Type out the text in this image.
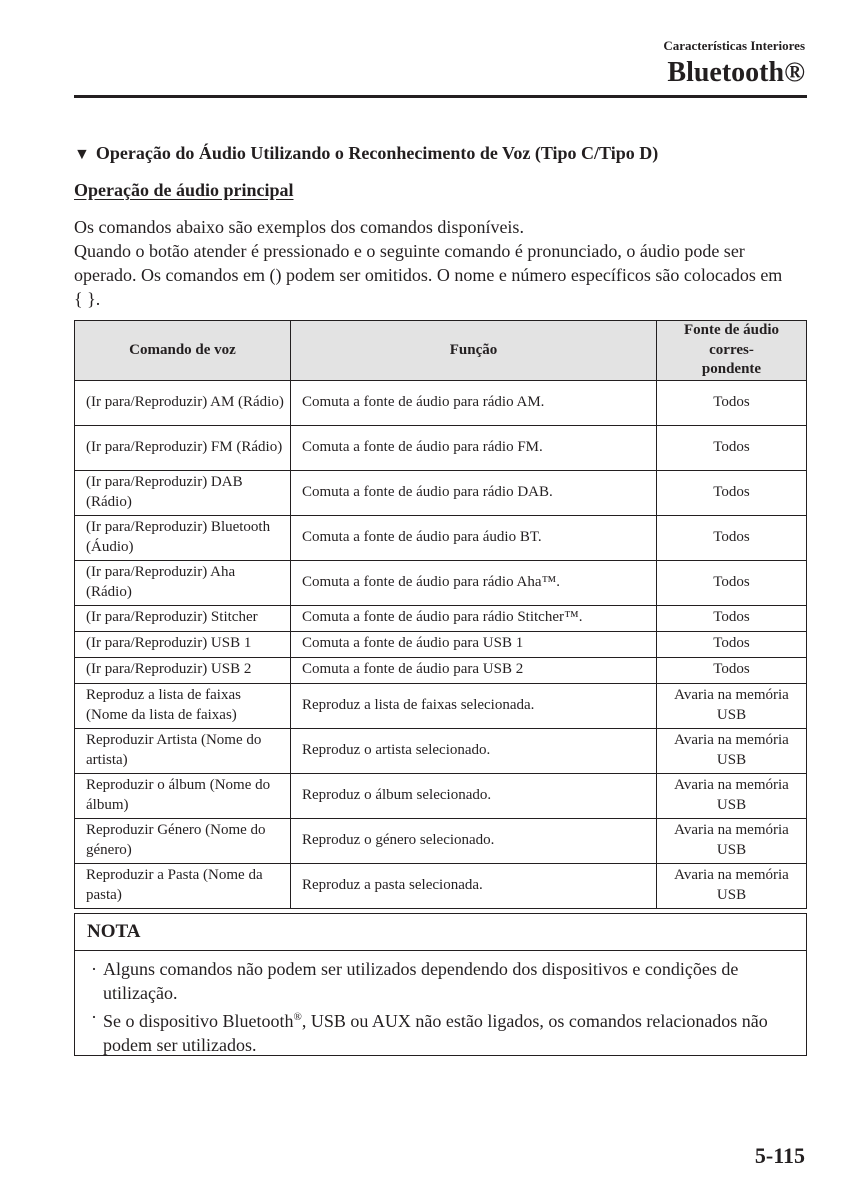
Características Interiores
Bluetooth®
▼ Operação do Áudio Utilizando o Reconhecimento de Voz (Tipo C/Tipo D)
Operação de áudio principal

Os comandos abaixo são exemplos dos comandos disponíveis.

Quando o botão atender é pressionado e o seguinte comando é pronunciado, o áudio pode ser operado. Os comandos em () podem ser omitidos. O nome e número específicos são colocados em { }.

Comando de voz	Função	Fonte de áudio corres-
pondente
(Ir para/Reproduzir) AM (Rádio)	Comuta a fonte de áudio para rádio AM.	Todos
(Ir para/Reproduzir) FM (Rádio)	Comuta a fonte de áudio para rádio FM.	Todos
(Ir para/Reproduzir) DAB (Rádio)	Comuta a fonte de áudio para rádio DAB.	Todos
(Ir para/Reproduzir) Bluetooth (Áudio)	Comuta a fonte de áudio para áudio BT.	Todos
(Ir para/Reproduzir) Aha (Rádio)	Comuta a fonte de áudio para rádio Aha™.	Todos
(Ir para/Reproduzir) Stitcher	Comuta a fonte de áudio para rádio Stitcher™.	Todos
(Ir para/Reproduzir) USB 1	Comuta a fonte de áudio para USB 1	Todos
(Ir para/Reproduzir) USB 2	Comuta a fonte de áudio para USB 2	Todos
Reproduz a lista de faixas (Nome da lista de faixas)	Reproduz a lista de faixas selecionada.	Avaria na memória USB
Reproduzir Artista (Nome do artista)	Reproduz o artista selecionado.	Avaria na memória USB
Reproduzir o álbum (Nome do álbum)	Reproduz o álbum selecionado.	Avaria na memória USB
Reproduzir Género (Nome do género)	Reproduz o género selecionado.	Avaria na memória USB
Reproduzir a Pasta (Nome da pasta)	Reproduz a pasta selecionada.	Avaria na memória USB
NOTA
· Alguns comandos não podem ser utilizados dependendo dos dispositivos e condições de utilização.
· Se o dispositivo Bluetooth®, USB ou AUX não estão ligados, os comandos relacionados não podem ser utilizados.
5-115
